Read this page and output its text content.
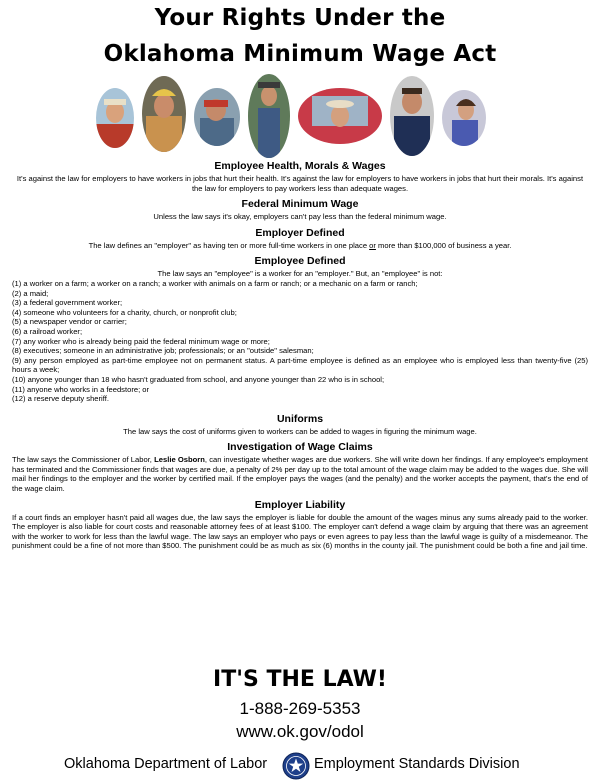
Your Rights Under the
Oklahoma Minimum Wage Act
Employee Health, Morals & Wages
It's against the law for employers to have workers in jobs that hurt their health. It's against the law for employers to have workers in jobs that hurt their morals. It's against the law for employers to pay workers less than adequate wages.
Federal Minimum Wage
Unless the law says it's okay, employers can't pay less than the federal minimum wage.
Employer Defined
The law defines an "employer" as having ten or more full-time workers in one place or more than $100,000 of business a year.
Employee Defined
The law says an "employee" is a worker for an "employer." But, an "employee" is not:
(1) a worker on a farm; a worker on a ranch; a worker with animals on a farm or ranch; or a mechanic on a farm or ranch;
(2) a maid;
(3) a federal government worker;
(4) someone who volunteers for a charity, church, or nonprofit club;
(5) a newspaper vendor or carrier;
(6) a railroad worker;
(7) any worker who is already being paid the federal minimum wage or more;
(8) executives; someone in an administrative job; professionals; or an "outside" salesman;
(9) any person employed as part-time employee not on permanent status. A part-time employee is defined as an employee who is employed less than twenty-five (25) hours a week;
(10) anyone younger than 18 who hasn't graduated from school, and anyone younger than 22 who is in school;
(11) anyone who works in a feedstore; or
(12) a reserve deputy sheriff.
Uniforms
The law says the cost of uniforms given to workers can be added to wages in figuring the minimum wage.
Investigation of Wage Claims
The law says the Commissioner of Labor, Leslie Osborn, can investigate whether wages are due workers. She will write down her findings. If any employee's employment has terminated and the Commissioner finds that wages are due, a penalty of 2% per day up to the total amount of the wage claim may be added to the wages due. She will mail her findings to the employer and the worker by certified mail. If the employer pays the wages (and the penalty) and the worker accepts the payment, that's the end of the wage claim.
Employer Liability
If a court finds an employer hasn't paid all wages due, the law says the employer is liable for double the amount of the wages minus any sums already paid to the worker. The employer is also liable for court costs and reasonable attorney fees of at least $100. The employer can't defend a wage claim by arguing that there was an agreement with the worker to work for less than the lawful wage. The law says an employer who pays or even agrees to pay less than the lawful wage is guilty of a misdemeanor. The punishment could be a fine of not more than $500. The punishment could be as much as six (6) months in the county jail. The punishment could be both a fine and jail time.
IT'S THE LAW!
1-888-269-5353
www.ok.gov/odol
Oklahoma Department of Labor	Employment Standards Division
